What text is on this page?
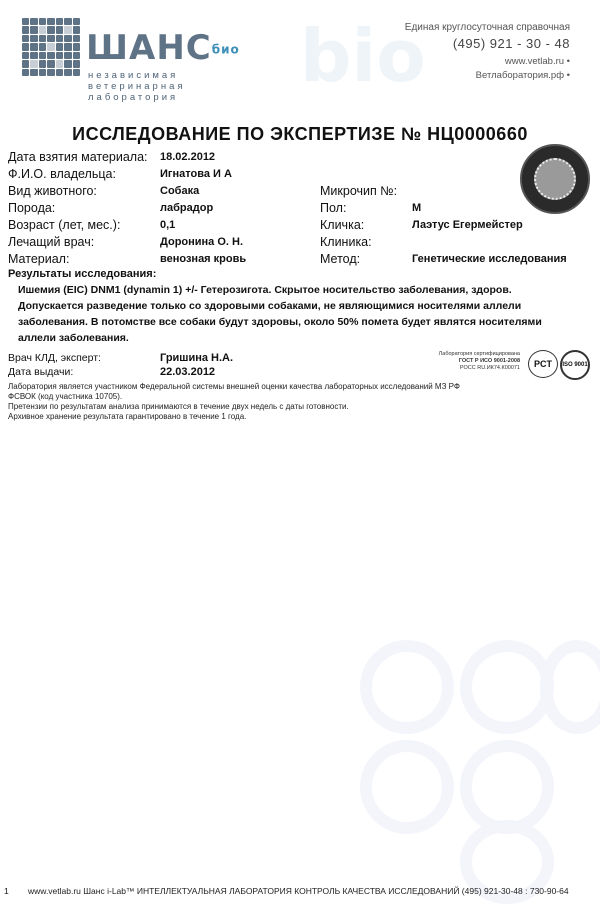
bio
ШАНСбио
независимая
ветеринарная
лаборатория
Единая круглосуточная справочная
(495) 921 - 30 - 48
www.vetlab.ru •
Ветлаборатория.рф •
ИССЛЕДОВАНИЕ ПО ЭКСПЕРТИЗЕ № НЦ0000660
Дата взятия материала: 18.02.2012
Ф.И.О. владельца:	Игнатова И А
Вид животного:	Собака	Микрочип №:
Порода:	лабрадор	Пол:	М
Возраст (лет, мес.):	0,1	Кличка:	Лаэтус Егермейстер
Лечащий врач:	Доронина О. Н.	Клиника:
Материал:	венозная кровь	Метод:	Генетические исследования
Результаты исследования:
Ишемия (EIC) DNM1 (dynamin 1) +/- Гетерозигота. Скрытое носительство заболевания, здоров.
Допускается разведение только со здоровыми собаками, не являющимися носителями аллели
заболевания. В потомстве все собаки будут здоровы, около 50% помета будет являтся носителями
аллели заболевания.
Врач КЛД, эксперт:	Гришина Н.А.
Дата выдачи:	22.03.2012
Лаборатория сертифицирована
ГОСТ Р ИСО 9001-2008
РОСС RU.ИК74.К00071	PCT	ISO 9001
Лаборатория является участником Федеральной системы внешней оценки качества лабораторных исследований МЗ РФ
ФСВОК (код участника 10705).
Претензии по результатам анализа принимаются в течение двух недель с даты готовности.
Архивное хранение результата гарантировано в течение 1 года.
1 www.vetlab.ru Шанс i-Lab™ ИНТЕЛЛЕКТУАЛЬНАЯ ЛАБОРАТОРИЯ КОНТРОЛЬ КАЧЕСТВА ИССЛЕДОВАНИЙ (495) 921-30-48 : 730-90-64
